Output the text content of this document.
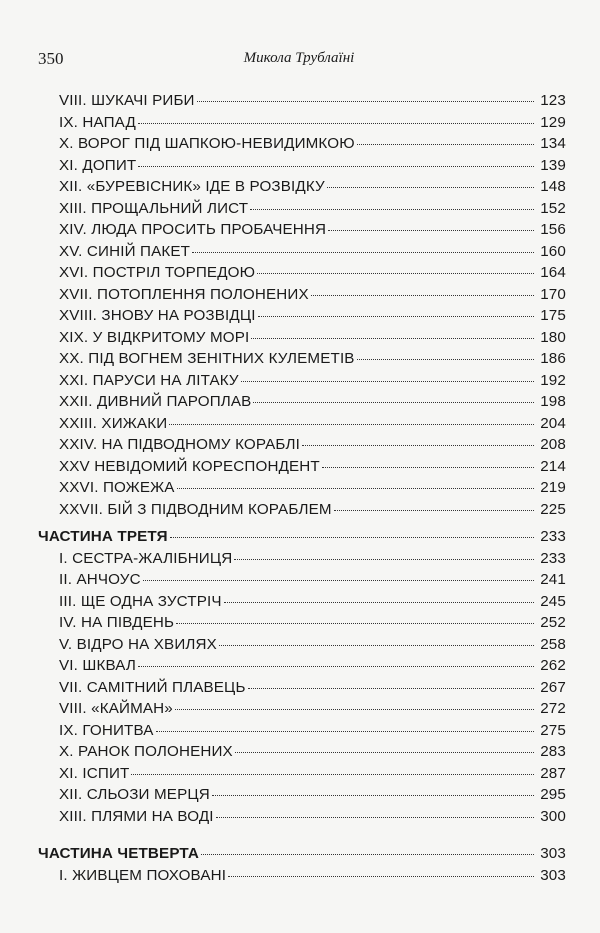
350	Микола Трублаїні
VIII. ШУКАЧІ РИБИ	123
IX. НАПАД	129
X. ВОРОГ ПІД ШАПКОЮ-НЕВИДИМКОЮ	134
XI. ДОПИТ	139
XII. «БУРЕВІСНИК» ІДЕ В РОЗВІДКУ	148
XIII. ПРОЩАЛЬНИЙ ЛИСТ	152
XIV. ЛЮДА ПРОСИТЬ ПРОБАЧЕННЯ	156
XV. СИНІЙ ПАКЕТ	160
XVI. ПОСТРІЛ ТОРПЕДОЮ	164
XVII. ПОТОПЛЕННЯ ПОЛОНЕНИХ	170
XVIII. ЗНОВУ НА РОЗВІДЦІ	175
XIX. У ВІДКРИТОМУ МОРІ	180
XX. ПІД ВОГНЕМ ЗЕНІТНИХ КУЛЕМЕТІВ	186
XXI. ПАРУСИ НА ЛІТАКУ	192
XXII. ДИВНИЙ ПАРОПЛАВ	198
XXIII. ХИЖАКИ	204
XXIV. НА ПІДВОДНОМУ КОРАБЛІ	208
XXV НЕВІДОМИЙ КОРЕСПОНДЕНТ	214
XXVI. ПОЖЕЖА	219
XXVII. БІЙ З ПІДВОДНИМ КОРАБЛЕМ	225
ЧАСТИНА ТРЕТЯ	233
I. СЕСТРА-ЖАЛІБНИЦЯ	233
II. АНЧОУС	241
III. ЩЕ ОДНА ЗУСТРІЧ	245
IV. НА ПІВДЕНЬ	252
V. ВІДРО НА ХВИЛЯХ	258
VI. ШКВАЛ	262
VII. САМІТНИЙ ПЛАВЕЦЬ	267
VIII. «КАЙМАН»	272
IX. ГОНИТВА	275
X. РАНОК ПОЛОНЕНИХ	283
XI. ІСПИТ	287
XII. СЛЬОЗИ МЕРЦЯ	295
XIII. ПЛЯМИ НА ВОДІ	300
ЧАСТИНА ЧЕТВЕРТА	303
I. ЖИВЦЕМ ПОХОВАНІ	303
